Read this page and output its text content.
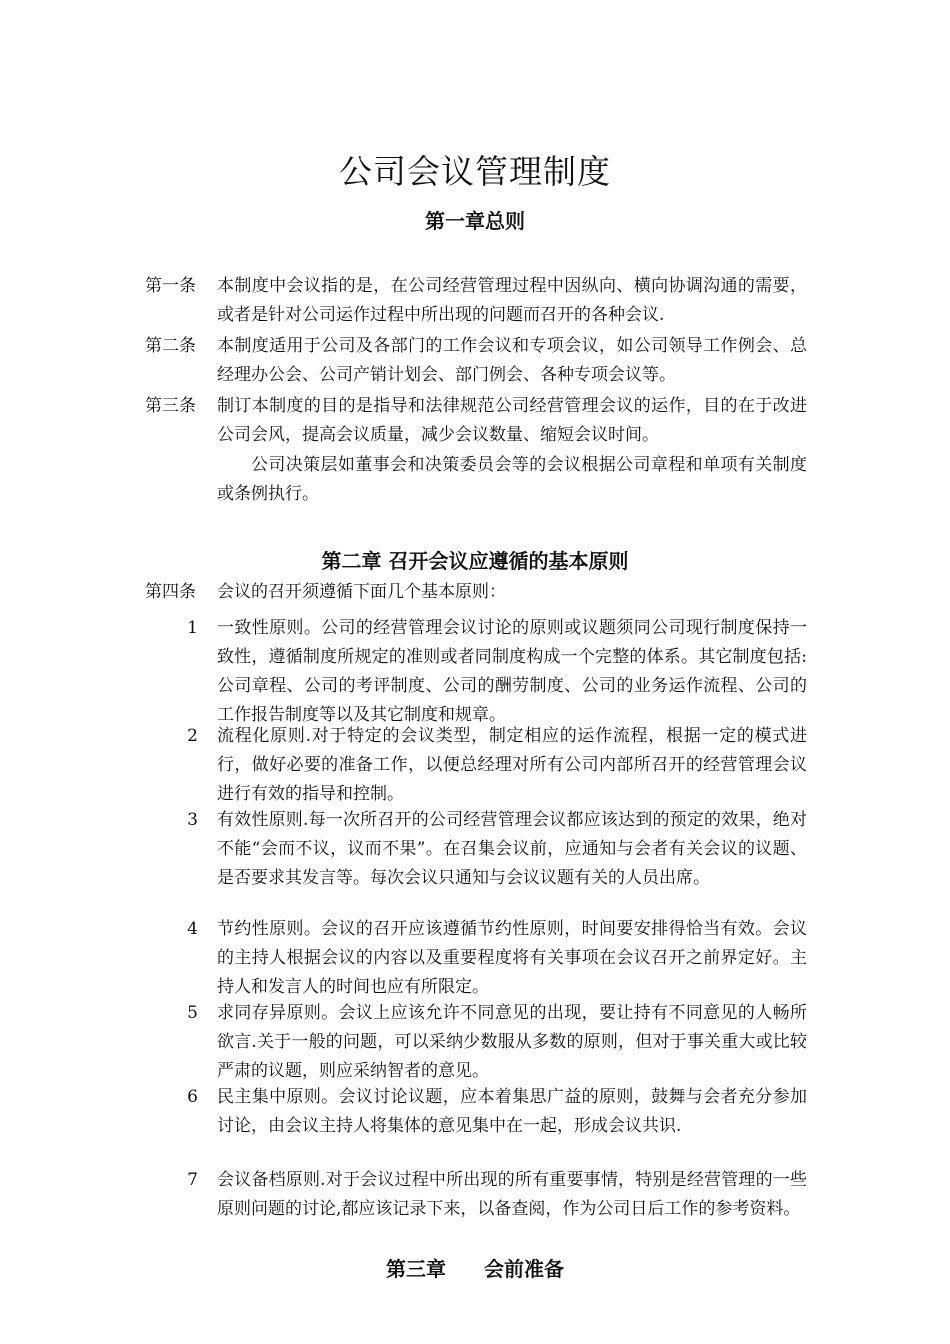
公司会议管理制度
第一章总则
第一条	本制度中会议指的是，在公司经营管理过程中因纵向、横向协调沟通的需要，或者是针对公司运作过程中所出现的问题而召开的各种会议.
第二条	本制度适用于公司及各部门的工作会议和专项会议，如公司领导工作例会、总经理办公会、公司产销计划会、部门例会、各种专项会议等。
第三条	制订本制度的目的是指导和法律规范公司经营管理会议的运作，目的在于改进公司会风，提高会议质量，减少会议数量、缩短会议时间。
公司决策层如董事会和决策委员会等的会议根据公司章程和单项有关制度或条例执行。
第二章 召开会议应遵循的基本原则
第四条	会议的召开须遵循下面几个基本原则：
1 一致性原则。公司的经营管理会议讨论的原则或议题须同公司现行制度保持一致性，遵循制度所规定的准则或者同制度构成一个完整的体系。其它制度包括:公司章程、公司的考评制度、公司的酬劳制度、公司的业务运作流程、公司的工作报告制度等以及其它制度和规章。
2 流程化原则.对于特定的会议类型，制定相应的运作流程，根据一定的模式进行，做好必要的准备工作，以便总经理对所有公司内部所召开的经营管理会议进行有效的指导和控制。
3 有效性原则.每一次所召开的公司经营管理会议都应该达到的预定的效果，绝对不能“会而不议，议而不果”。在召集会议前，应通知与会者有关会议的议题、是否要求其发言等。每次会议只通知与会议议题有关的人员出席。
4 节约性原则。会议的召开应该遵循节约性原则，时间要安排得恰当有效。会议的主持人根据会议的内容以及重要程度将有关事项在会议召开之前界定好。主持人和发言人的时间也应有所限定。
5 求同存异原则。会议上应该允许不同意见的出现，要让持有不同意见的人畅所欲言.关于一般的问题，可以采纳少数服从多数的原则，但对于事关重大或比较严肃的议题，则应采纳智者的意见。
6 民主集中原则。会议讨论议题，应本着集思广益的原则，鼓舞与会者充分参加讨论，由会议主持人将集体的意见集中在一起，形成会议共识.
7 会议备档原则.对于会议过程中所出现的所有重要事情，特别是经营管理的一些原则问题的讨论,都应该记录下来，以备查阅，作为公司日后工作的参考资料。
第三章 会前准备
